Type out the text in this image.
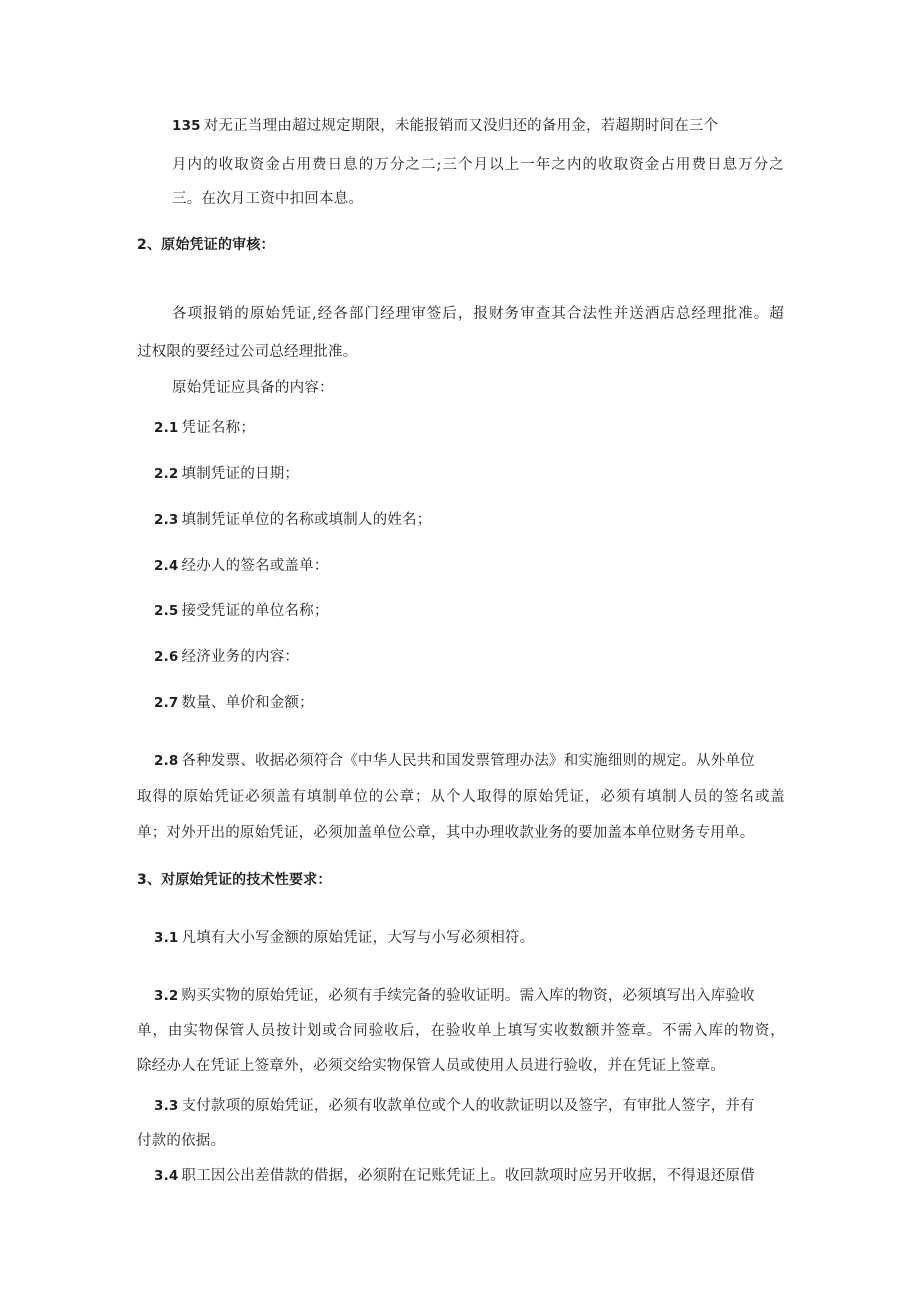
135 对无正当理由超过规定期限，未能报销而又没归还的备用金，若超期时间在三个
月内的收取资金占用费日息的万分之二;三个月以上一年之内的收取资金占用费日息万分之
三。在次月工资中扣回本息。
2、原始凭证的审核：
各项报销的原始凭证,经各部门经理审签后，报财务审查其合法性并送酒店总经理批准。超
过权限的要经过公司总经理批准。
原始凭证应具备的内容：
2.1 凭证名称；
2.2 填制凭证的日期；
2.3 填制凭证单位的名称或填制人的姓名；
2.4 经办人的签名或盖单：
2.5 接受凭证的单位名称；
2.6 经济业务的内容：
2.7 数量、单价和金额；
2.8 各种发票、收据必须符合《中华人民共和国发票管理办法》和实施细则的规定。从外单位
取得的原始凭证必须盖有填制单位的公章；从个人取得的原始凭证，必须有填制人员的签名或盖
单；对外开出的原始凭证，必须加盖单位公章，其中办理收款业务的要加盖本单位财务专用单。
3、对原始凭证的技术性要求：
3.1 凡填有大小写金额的原始凭证，大写与小写必须相符。
3.2 购买实物的原始凭证，必须有手续完备的验收证明。需入库的物资，必须填写出入库验收
单，由实物保管人员按计划或合同验收后，在验收单上填写实收数额并签章。不需入库的物资，
除经办人在凭证上签章外，必须交给实物保管人员或使用人员进行验收，并在凭证上签章。
3.3 支付款项的原始凭证，必须有收款单位或个人的收款证明以及签字，有审批人签字，并有
付款的依据。
3.4 职工因公出差借款的借据，必须附在记账凭证上。收回款项时应另开收据，不得退还原借
